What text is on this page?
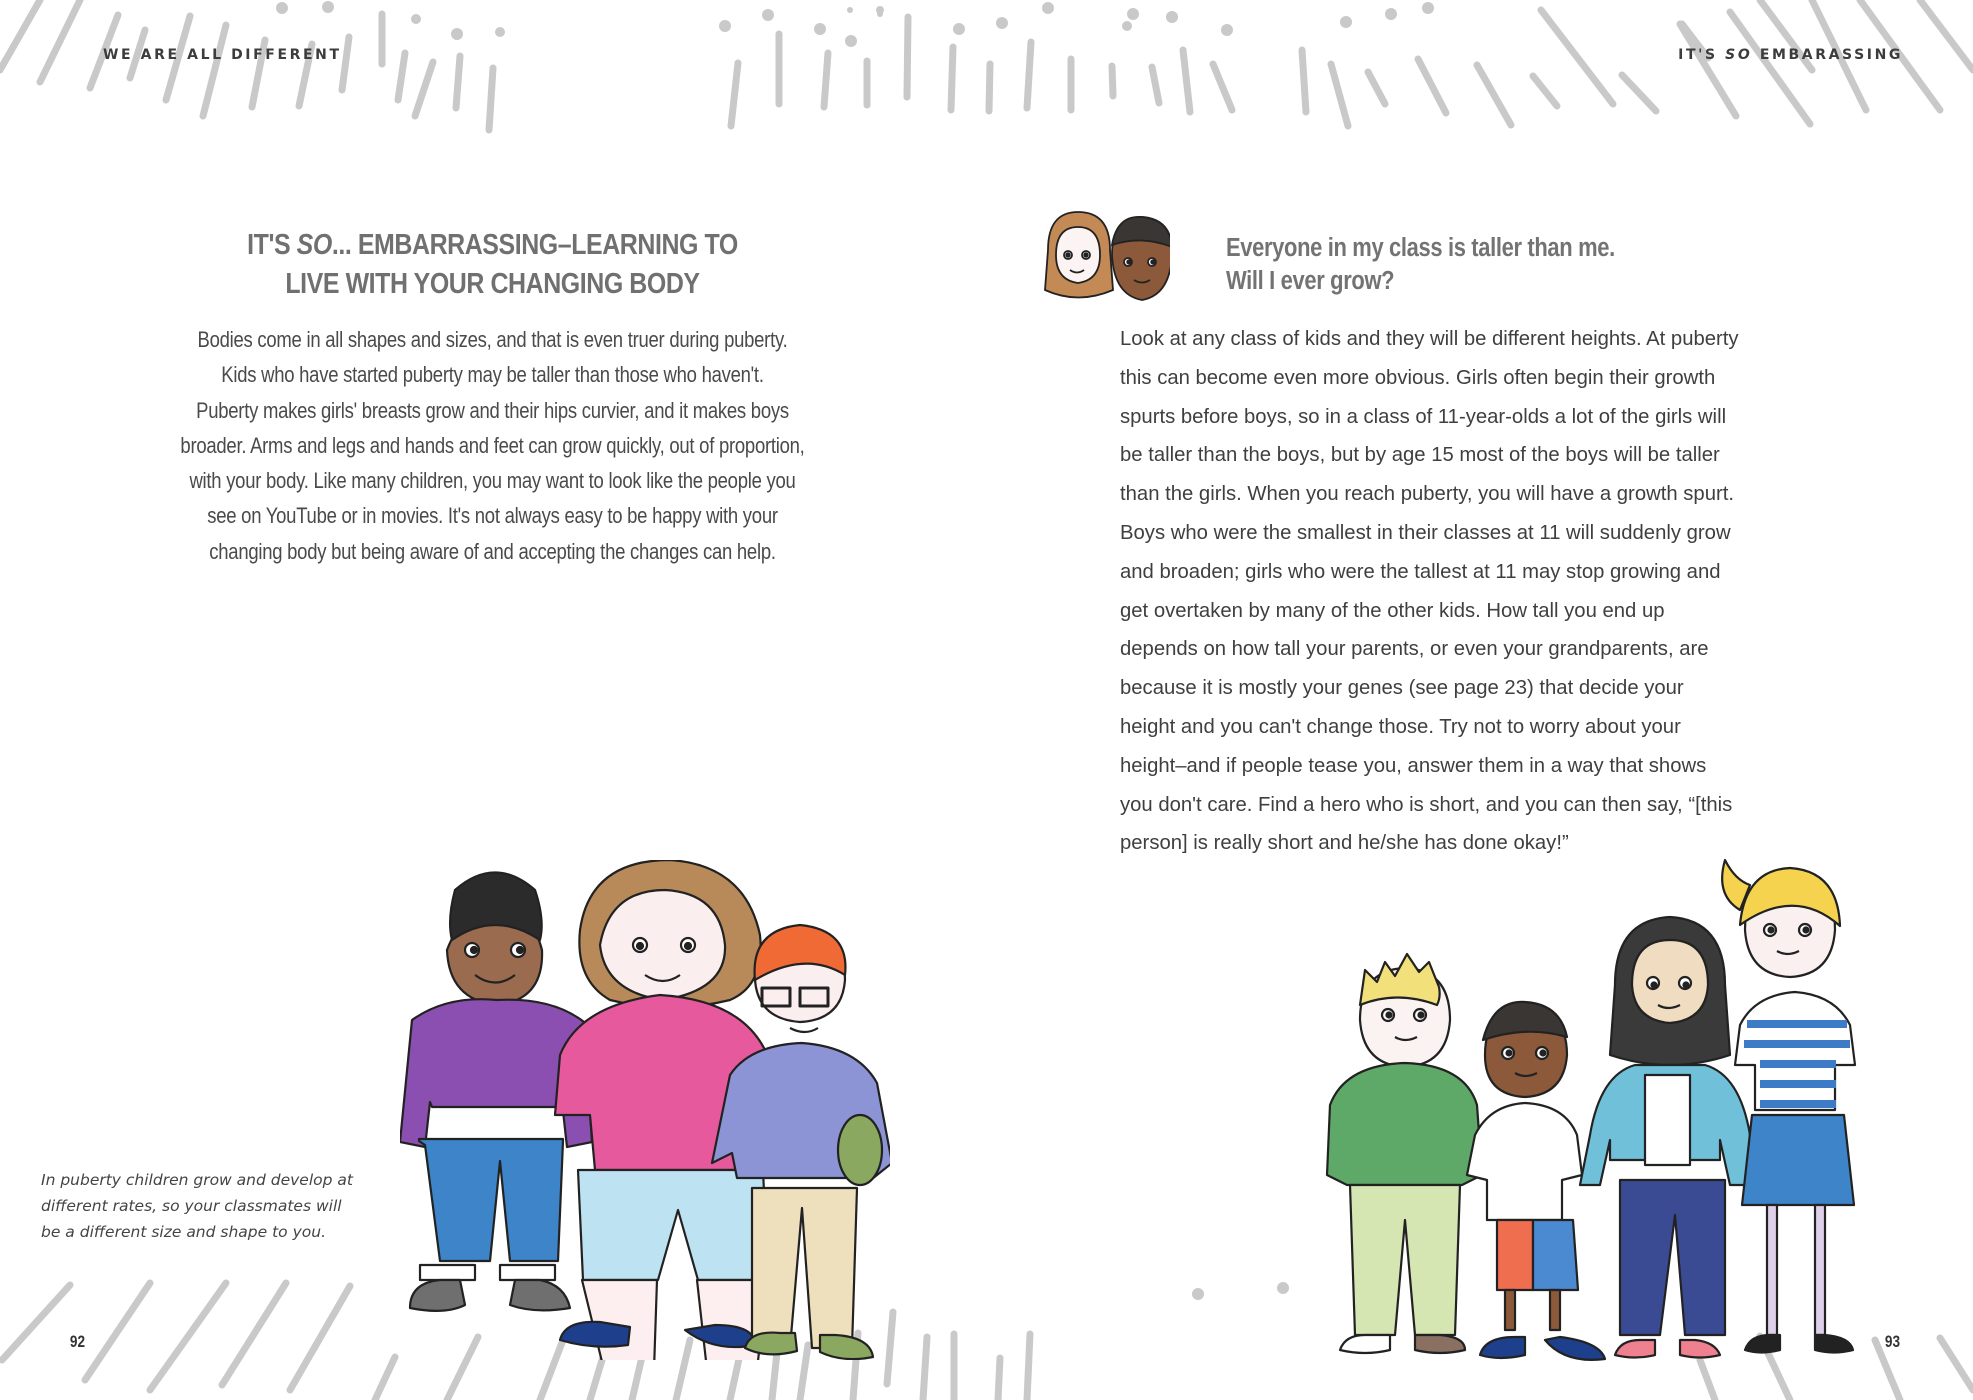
WE ARE ALL DIFFERENT
IT'S SO... EMBARRASSING–LEARNING TO
LIVE WITH YOUR CHANGING BODY
Bodies come in all shapes and sizes, and that is even truer during puberty.
Kids who have started puberty may be taller than those who haven't.
Puberty makes girls' breasts grow and their hips curvier, and it makes boys
broader. Arms and legs and hands and feet can grow quickly, out of proportion,
with your body. Like many children, you may want to look like the people you
see on YouTube or in movies. It's not always easy to be happy with your
changing body but being aware of and accepting the changes can help.
In puberty children grow and develop at
different rates, so your classmates will
be a different size and shape to you.
92
IT'S SO EMBARASSING
Everyone in my class is taller than me.
Will I ever grow?

Look at any class of kids and they will be different heights. At puberty

this can become even more obvious. Girls often begin their growth

spurts before boys, so in a class of 11-year-olds a lot of the girls will

be taller than the boys, but by age 15 most of the boys will be taller

than the girls. When you reach puberty, you will have a growth spurt.

Boys who were the smallest in their classes at 11 will suddenly grow

and broaden; girls who were the tallest at 11 may stop growing and

get overtaken by many of the other kids. How tall you end up

depends on how tall your parents, or even your grandparents, are

because it is mostly your genes (see page 23) that decide your

height and you can't change those. Try not to worry about your

height–and if people tease you, answer them in a way that shows

you don't care. Find a hero who is short, and you can then say, “[this

person] is really short and he/she has done okay!”

93
